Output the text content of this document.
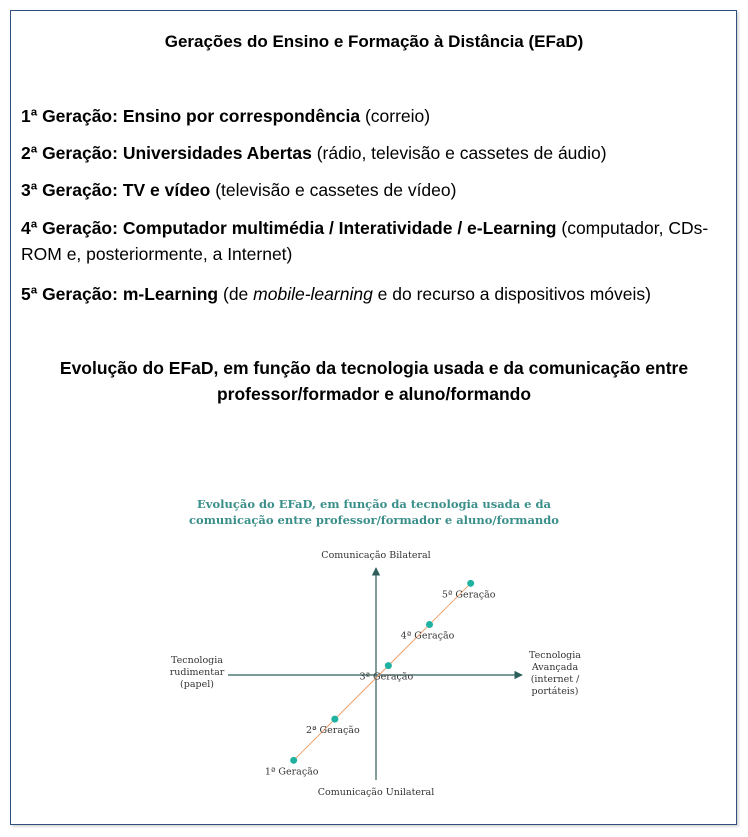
Gerações do Ensino e Formação à Distância (EFaD)
1ª Geração: Ensino por correspondência (correio)
2ª Geração: Universidades Abertas (rádio, televisão e cassetes de áudio)
3ª Geração: TV e vídeo (televisão e cassetes de vídeo)
4ª Geração: Computador multimédia / Interatividade / e-Learning (computador, CDs-ROM e, posteriormente, a Internet)
5ª Geração: m-Learning (de mobile-learning e do recurso a dispositivos móveis)
Evolução do EFaD, em função da tecnologia usada e da comunicação entre
professor/formador e aluno/formando
Evolução do EFaD, em função da tecnologia usada e da
comunicação entre professor/formador e aluno/formando
Comunicação Bilateral
Comunicação Unilateral
Tecnologia
rudimentar
(papel)
Tecnologia
Avançada
(internet /
portáteis)
1ª Geração
2ª Geração
3ª Geração
4ª Geração
5ª Geração
